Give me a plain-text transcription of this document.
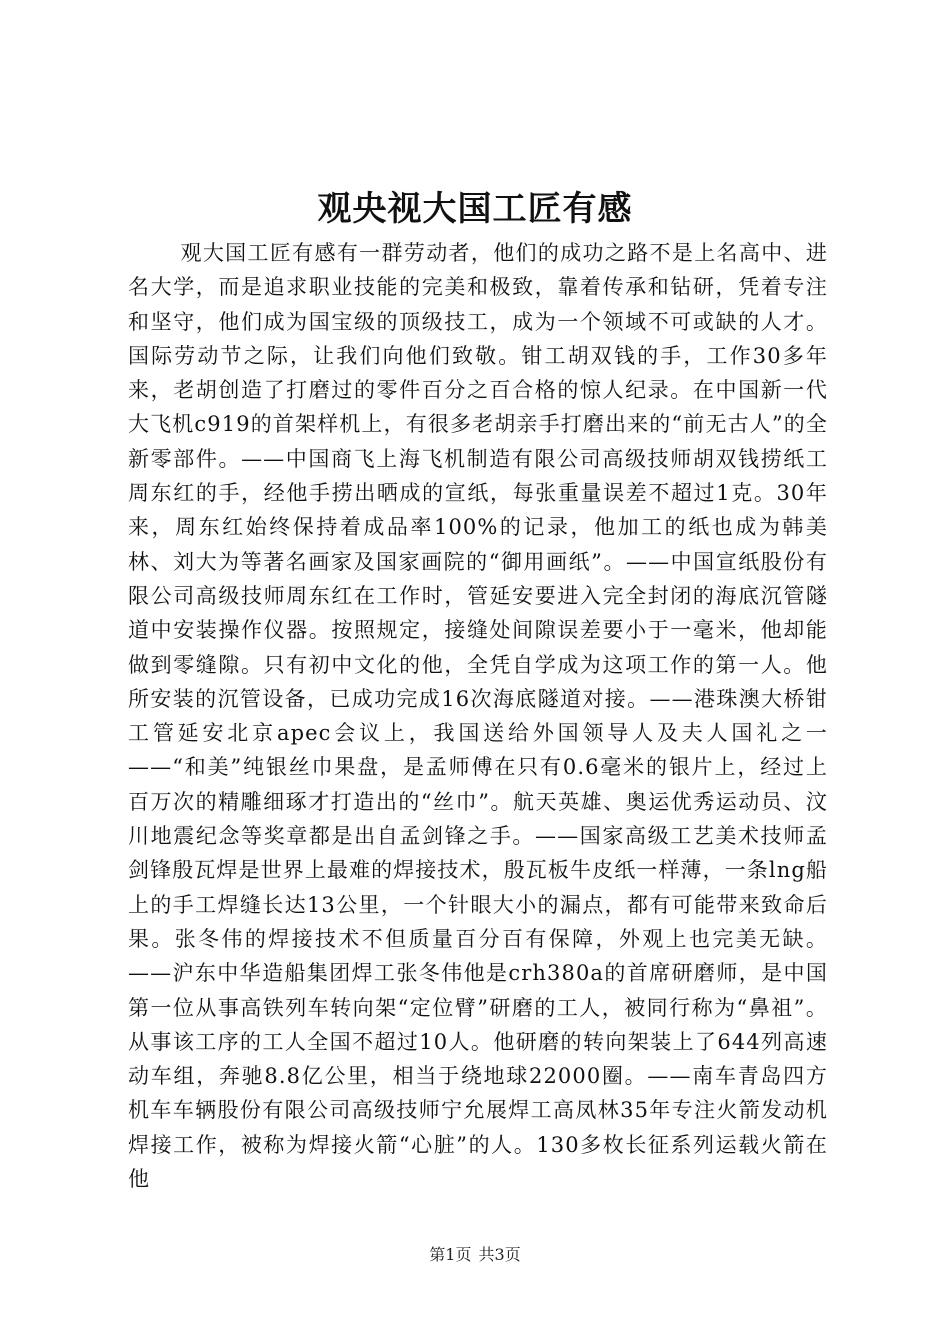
观央视大国工匠有感

观大国工匠有感有一群劳动者，他们的成功之路不是上名高中、进名大学，而是追求职业技能的完美和极致，靠着传承和钻研，凭着专注和坚守，他们成为国宝级的顶级技工，成为一个领域不可或缺的人才。国际劳动节之际，让我们向他们致敬。钳工胡双钱的手，工作30多年来，老胡创造了打磨过的零件百分之百合格的惊人纪录。在中国新一代大飞机c919的首架样机上，有很多老胡亲手打磨出来的“前无古人”的全新零部件。——中国商飞上海飞机制造有限公司高级技师胡双钱捞纸工周东红的手，经他手捞出晒成的宣纸，每张重量误差不超过1克。30年来，周东红始终保持着成品率100%的记录，他加工的纸也成为韩美林、刘大为等著名画家及国家画院的“御用画纸”。——中国宣纸股份有限公司高级技师周东红在工作时，管延安要进入完全封闭的海底沉管隧道中安装操作仪器。按照规定，接缝处间隙误差要小于一毫米，他却能做到零缝隙。只有初中文化的他，全凭自学成为这项工作的第一人。他所安装的沉管设备，已成功完成16次海底隧道对接。——港珠澳大桥钳工管延安北京apec会议上，我国送给外国领导人及夫人国礼之一——“和美”纯银丝巾果盘，是孟师傅在只有0.6毫米的银片上，经过上百万次的精雕细琢才打造出的“丝巾”。航天英雄、奥运优秀运动员、汶川地震纪念等奖章都是出自孟剑锋之手。——国家高级工艺美术技师孟剑锋殷瓦焊是世界上最难的焊接技术，殷瓦板牛皮纸一样薄，一条lng船上的手工焊缝长达13公里，一个针眼大小的漏点，都有可能带来致命后果。张冬伟的焊接技术不但质量百分百有保障，外观上也完美无缺。——沪东中华造船集团焊工张冬伟他是crh380a的首席研磨师，是中国第一位从事高铁列车转向架“定位臂”研磨的工人，被同行称为“鼻祖”。从事该工序的工人全国不超过10人。他研磨的转向架装上了644列高速动车组，奔驰8.8亿公里，相当于绕地球22000圈。——南车青岛四方机车车辆股份有限公司高级技师宁允展焊工高凤林35年专注火箭发动机焊接工作，被称为焊接火箭“心脏”的人。130多枚长征系列运载火箭在他

第1页 共3页
